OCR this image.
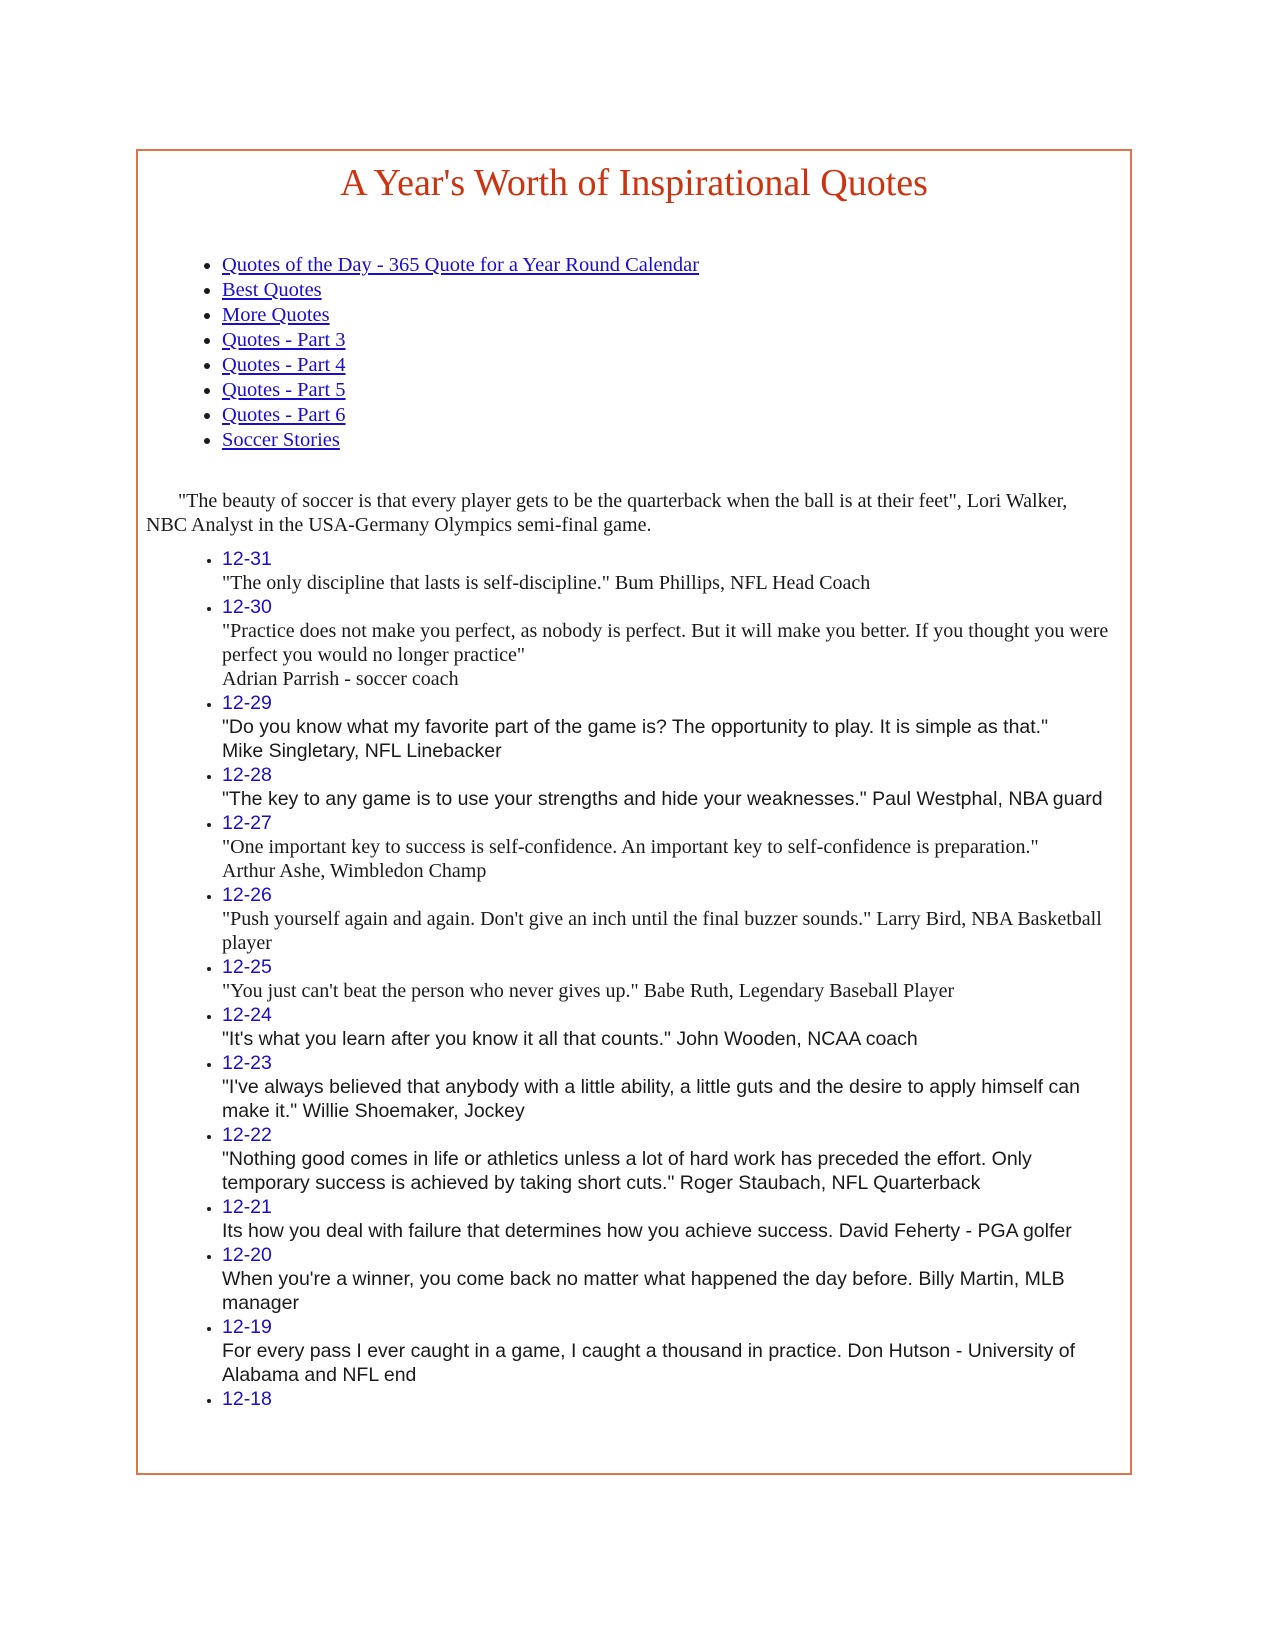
A Year's Worth of Inspirational Quotes
• Quotes of the Day - 365 Quote for a Year Round Calendar
• Best Quotes
• More Quotes
• Quotes - Part 3
• Quotes - Part 4
• Quotes - Part 5
• Quotes - Part 6
• Soccer Stories

"The beauty of soccer is that every player gets to be the quarterback when the ball is at their feet", Lori Walker, NBC Analyst in the USA-Germany Olympics semi-final game.

• 12-31
"The only discipline that lasts is self-discipline." Bum Phillips, NFL Head Coach
• 12-30
"Practice does not make you perfect, as nobody is perfect. But it will make you better. If you thought you were perfect you would no longer practice"
Adrian Parrish - soccer coach
• 12-29
"Do you know what my favorite part of the game is? The opportunity to play. It is simple as that."
Mike Singletary, NFL Linebacker
• 12-28
"The key to any game is to use your strengths and hide your weaknesses." Paul Westphal, NBA guard
• 12-27
"One important key to success is self-confidence. An important key to self-confidence is preparation."
Arthur Ashe, Wimbledon Champ
• 12-26
"Push yourself again and again. Don't give an inch until the final buzzer sounds." Larry Bird, NBA Basketball player
• 12-25
"You just can't beat the person who never gives up." Babe Ruth, Legendary Baseball Player
• 12-24
"It's what you learn after you know it all that counts." John Wooden, NCAA coach
• 12-23
"I've always believed that anybody with a little ability, a little guts and the desire to apply himself can make it." Willie Shoemaker, Jockey
• 12-22
"Nothing good comes in life or athletics unless a lot of hard work has preceded the effort. Only temporary success is achieved by taking short cuts." Roger Staubach, NFL Quarterback
• 12-21
Its how you deal with failure that determines how you achieve success. David Feherty - PGA golfer
• 12-20
When you're a winner, you come back no matter what happened the day before. Billy Martin, MLB manager
• 12-19
For every pass I ever caught in a game, I caught a thousand in practice. Don Hutson - University of Alabama and NFL end
• 12-18
